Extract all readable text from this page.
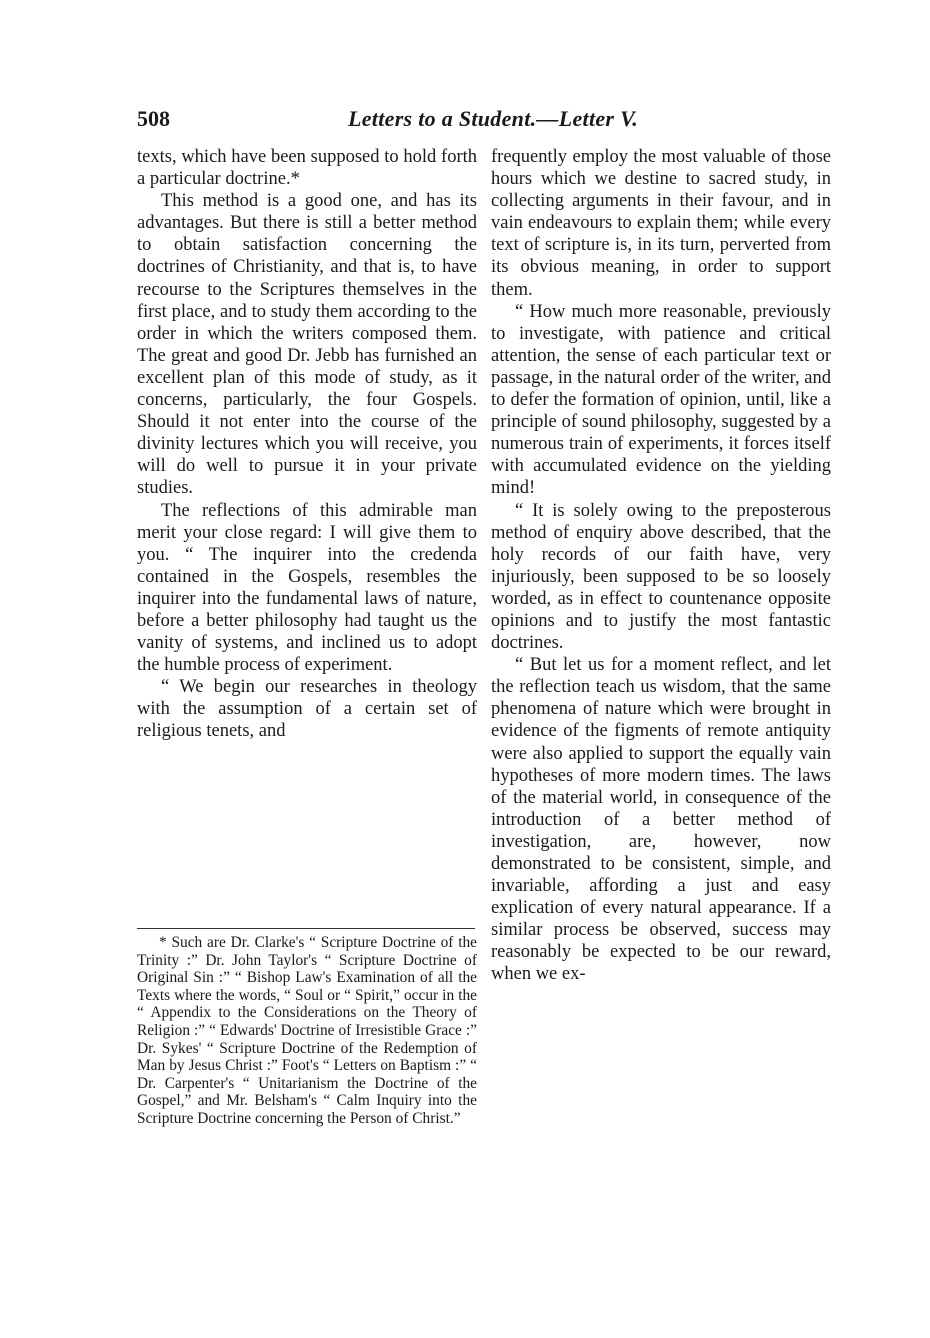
508	Letters to a Student.—Letter V.

texts, which have been supposed to hold forth a particular doctrine.*

This method is a good one, and has its advantages. But there is still a better method to obtain satisfaction concerning the doctrines of Christianity, and that is, to have recourse to the Scriptures themselves in the first place, and to study them according to the order in which the writers composed them. The great and good Dr. Jebb has furnished an excellent plan of this mode of study, as it concerns, particularly, the four Gospels. Should it not enter into the course of the divinity lectures which you will receive, you will do well to pursue it in your private studies.

The reflections of this admirable man merit your close regard: I will give them to you. “ The inquirer into the credenda contained in the Gospels, resembles the inquirer into the fundamental laws of nature, before a better philosophy had taught us the vanity of systems, and inclined us to adopt the humble process of experiment.

“ We begin our researches in theology with the assumption of a certain set of religious tenets, and

* Such are Dr. Clarke's “ Scripture Doctrine of the Trinity :” Dr. John Taylor's “ Scripture Doctrine of Original Sin :” “ Bishop Law's Examination of all the Texts where the words, “ Soul or “ Spirit,” occur in the “ Appendix to the Considerations on the Theory of Religion :” “ Edwards' Doctrine of Irresistible Grace :” Dr. Sykes' “ Scripture Doctrine of the Redemption of Man by Jesus Christ :” Foot's “ Letters on Baptism :” “ Dr. Carpenter's “ Unitarianism the Doctrine of the Gospel,” and Mr. Belsham's “ Calm Inquiry into the Scripture Doctrine concerning the Person of Christ.”

frequently employ the most valuable of those hours which we destine to sacred study, in collecting arguments in their favour, and in vain endeavours to explain them; while every text of scripture is, in its turn, perverted from its obvious meaning, in order to support them.

“ How much more reasonable, previously to investigate, with patience and critical attention, the sense of each particular text or passage, in the natural order of the writer, and to defer the formation of opinion, until, like a principle of sound philosophy, suggested by a numerous train of experiments, it forces itself with accumulated evidence on the yielding mind!

“ It is solely owing to the preposterous method of enquiry above described, that the holy records of our faith have, very injuriously, been supposed to be so loosely worded, as in effect to countenance opposite opinions and to justify the most fantastic doctrines.

“ But let us for a moment reflect, and let the reflection teach us wisdom, that the same phenomena of nature which were brought in evidence of the figments of remote antiquity were also applied to support the equally vain hypotheses of more modern times. The laws of the material world, in consequence of the introduction of a better method of investigation, are, however, now demonstrated to be consistent, simple, and invariable, affording a just and easy explication of every natural appearance. If a similar process be observed, success may reasonably be expected to be our reward, when we ex-
